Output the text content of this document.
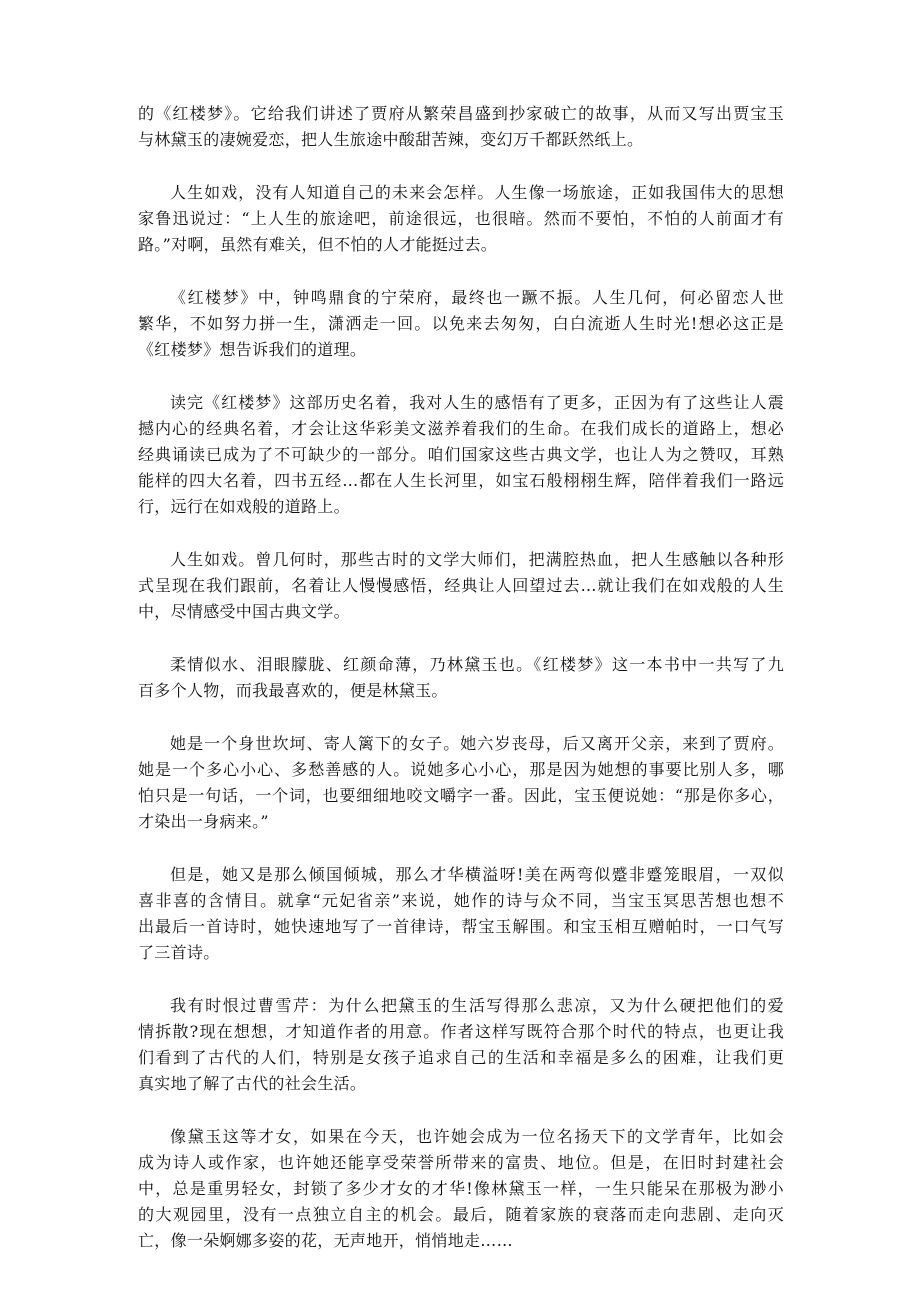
的《红楼梦》。它给我们讲述了贾府从繁荣昌盛到抄家破亡的故事，从而又写出贾宝玉
与林黛玉的凄婉爱恋，把人生旅途中酸甜苦辣，变幻万千都跃然纸上。
人生如戏，没有人知道自己的未来会怎样。人生像一场旅途，正如我国伟大的思想
家鲁迅说过：“上人生的旅途吧，前途很远，也很暗。然而不要怕，不怕的人前面才有
路。”对啊，虽然有难关，但不怕的人才能挺过去。
《红楼梦》中，钟鸣鼎食的宁荣府，最终也一蹶不振。人生几何，何必留恋人世
繁华，不如努力拼一生，潇洒走一回。以免来去匆匆，白白流逝人生时光!想必这正是
《红楼梦》想告诉我们的道理。
读完《红楼梦》这部历史名着，我对人生的感悟有了更多，正因为有了这些让人震
撼内心的经典名着，才会让这华彩美文滋养着我们的生命。在我们成长的道路上，想必
经典诵读已成为了不可缺少的一部分。咱们国家这些古典文学，也让人为之赞叹，耳熟
能样的四大名着，四书五经…都在人生长河里，如宝石般栩栩生辉，陪伴着我们一路远
行，远行在如戏般的道路上。
人生如戏。曾几何时，那些古时的文学大师们，把满腔热血，把人生感触以各种形
式呈现在我们跟前，名着让人慢慢感悟，经典让人回望过去…就让我们在如戏般的人生
中，尽情感受中国古典文学。
柔情似水、泪眼朦胧、红颜命薄，乃林黛玉也。《红楼梦》这一本书中一共写了九
百多个人物，而我最喜欢的，便是林黛玉。
她是一个身世坎坷、寄人篱下的女子。她六岁丧母，后又离开父亲，来到了贾府。
她是一个多心小心、多愁善感的人。说她多心小心，那是因为她想的事要比别人多，哪
怕只是一句话，一个词，也要细细地咬文嚼字一番。因此，宝玉便说她：“那是你多心，
才染出一身病来。”
但是，她又是那么倾国倾城，那么才华横溢呀!美在两弯似蹙非蹙笼眼眉，一双似
喜非喜的含情目。就拿“元妃省亲”来说，她作的诗与众不同，当宝玉冥思苦想也想不
出最后一首诗时，她快速地写了一首律诗，帮宝玉解围。和宝玉相互赠帕时，一口气写
了三首诗。
我有时恨过曹雪芹：为什么把黛玉的生活写得那么悲凉，又为什么硬把他们的爱
情拆散?现在想想，才知道作者的用意。作者这样写既符合那个时代的特点，也更让我
们看到了古代的人们，特别是女孩子追求自己的生活和幸福是多么的困难，让我们更
真实地了解了古代的社会生活。
像黛玉这等才女，如果在今天，也许她会成为一位名扬天下的文学青年，比如会
成为诗人或作家，也许她还能享受荣誉所带来的富贵、地位。但是，在旧时封建社会
中，总是重男轻女，封锁了多少才女的才华!像林黛玉一样，一生只能呆在那极为渺小
的大观园里，没有一点独立自主的机会。最后，随着家族的衰落而走向悲剧、走向灭
亡，像一朵婀娜多姿的花，无声地开，悄悄地走……
